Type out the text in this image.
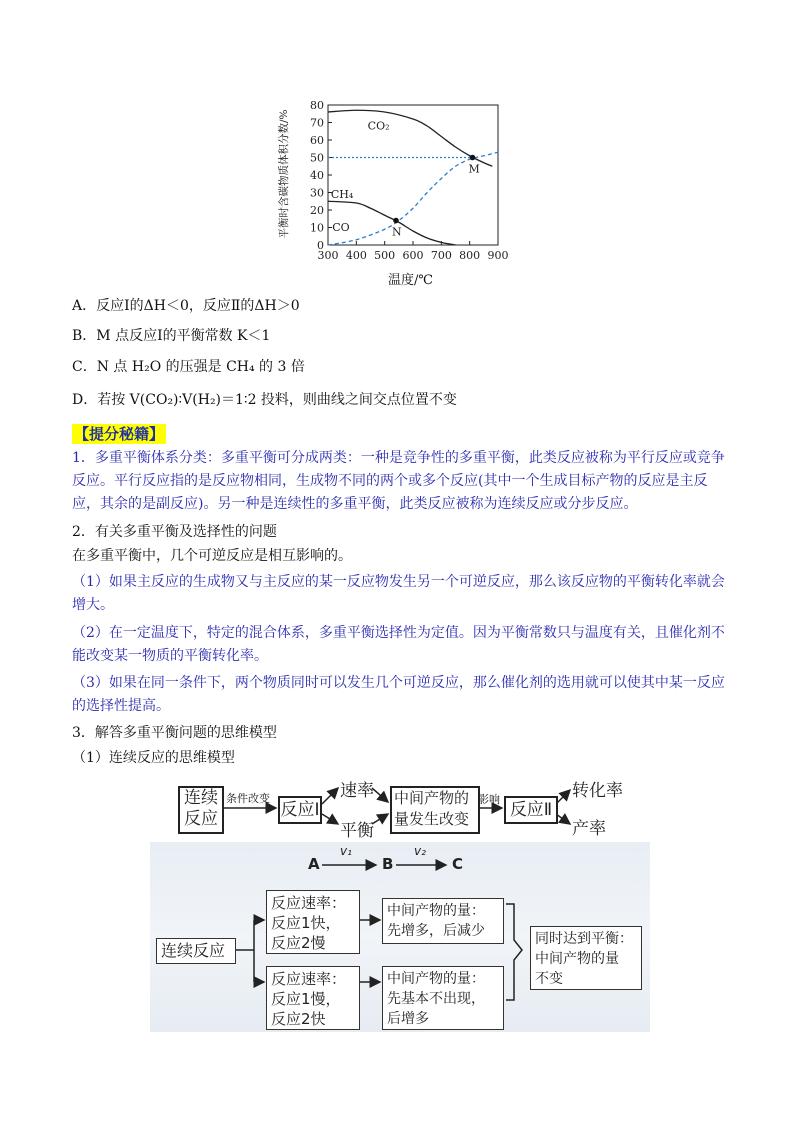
0
10
20
30
40
50
60
70
80
300 400 500 600 700 800 900
CO₂
CH₄
CO
M
N
平衡时含碳物质体积分数/%
温度/℃
A．反应Ⅰ的ΔH＜0，反应Ⅱ的ΔH＞0
B．M 点反应Ⅰ的平衡常数 K＜1
C．N 点 H₂O 的压强是 CH₄ 的 3 倍
D．若按 V(CO₂)∶V(H₂)＝1∶2 投料，则曲线之间交点位置不变
【提分秘籍】
1．多重平衡体系分类：多重平衡可分成两类：一种是竞争性的多重平衡，此类反应被称为平行反应或竞争反应。平行反应指的是反应物相同，生成物不同的两个或多个反应(其中一个生成目标产物的反应是主反应，其余的是副反应)。另一种是连续性的多重平衡，此类反应被称为连续反应或分步反应。
2．有关多重平衡及选择性的问题
在多重平衡中，几个可逆反应是相互影响的。
（1）如果主反应的生成物又与主反应的某一反应物发生另一个可逆反应，那么该反应物的平衡转化率就会增大。
（2）在一定温度下，特定的混合体系，多重平衡选择性为定值。因为平衡常数只与温度有关，且催化剂不能改变某一物质的平衡转化率。
（3）如果在同一条件下，两个物质同时可以发生几个可逆反应，那么催化剂的选用就可以使其中某一反应的选择性提高。
3．解答多重平衡问题的思维模型
（1）连续反应的思维模型
连续
反应
条件改变
反应Ⅰ
速率
平衡
中间产物的
量发生改变
影响
反应Ⅱ
转化率
产率
A
v₁
B
v₂
C
连续反应
反应速率：
反应1快，
反应2慢
反应速率：
反应1慢，
反应2快
中间产物的量：
先增多，后减少
中间产物的量：
先基本不出现，
后增多
同时达到平衡：
中间产物的量
不变
